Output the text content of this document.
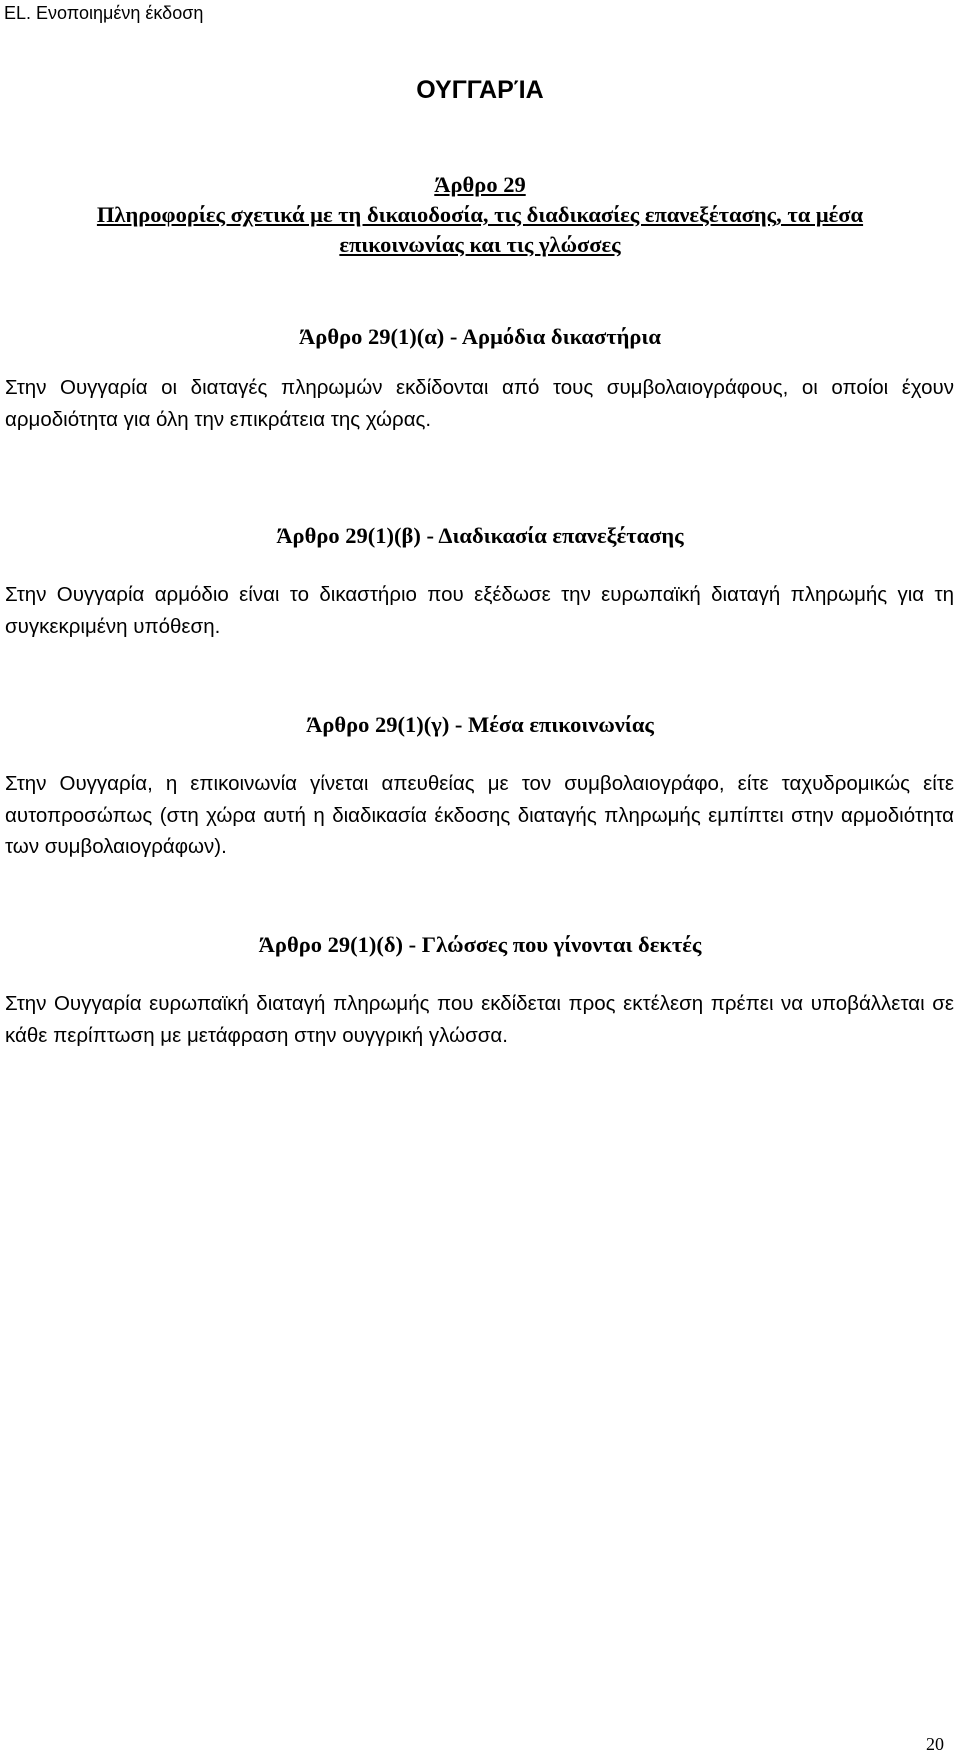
EL. Ενοποιημένη έκδοση

ΟΥΓΓΑΡΊΑ
Άρθρο 29
Πληροφορίες σχετικά με τη δικαιοδοσία, τις διαδικασίες επανεξέτασης, τα μέσα
επικοινωνίας και τις γλώσσες
Άρθρο 29(1)(α) - Αρμόδια δικαστήρια

Στην Ουγγαρία οι διαταγές πληρωμών εκδίδονται από τους συμβολαιογράφους, οι οποίοι έχουν αρμοδιότητα για όλη την επικράτεια της χώρας.

Άρθρο 29(1)(β) - Διαδικασία επανεξέτασης

Στην Ουγγαρία αρμόδιο είναι το δικαστήριο που εξέδωσε την ευρωπαϊκή διαταγή πληρωμής για τη συγκεκριμένη υπόθεση.

Άρθρο 29(1)(γ) - Μέσα επικοινωνίας

Στην Ουγγαρία, η επικοινωνία γίνεται απευθείας με τον συμβολαιογράφο, είτε ταχυδρομικώς είτε αυτοπροσώπως (στη χώρα αυτή η διαδικασία έκδοσης διαταγής πληρωμής εμπίπτει στην αρμοδιότητα των συμβολαιογράφων).

Άρθρο 29(1)(δ) - Γλώσσες που γίνονται δεκτές

Στην Ουγγαρία ευρωπαϊκή διαταγή πληρωμής που εκδίδεται προς εκτέλεση πρέπει να υποβάλλεται σε κάθε περίπτωση με μετάφραση στην ουγγρική γλώσσα.

20
